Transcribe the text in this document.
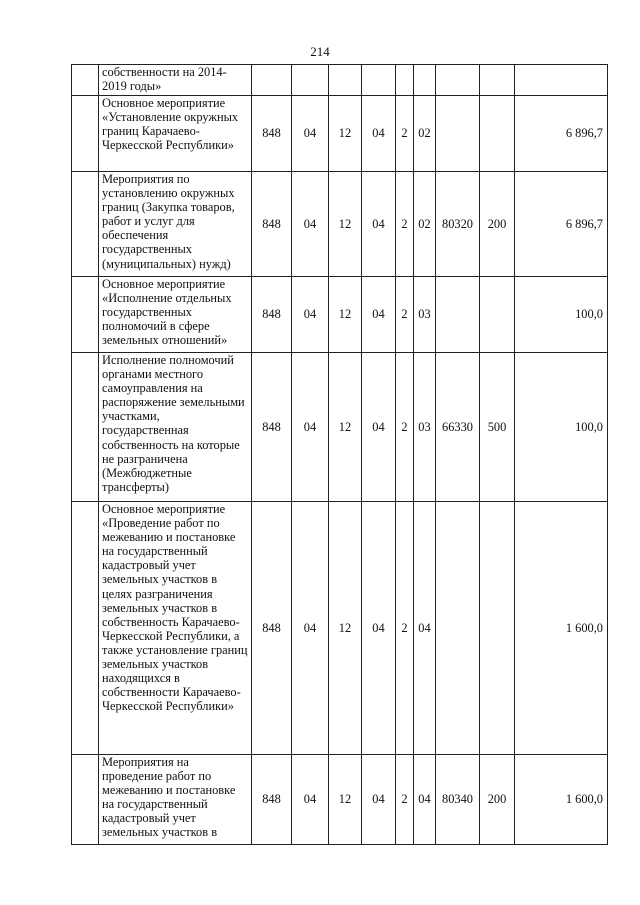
214
	собственности на 2014-2019 годы»									
	Основное мероприятие «Установление окружных границ Карачаево-Черкесской Республики»	848	04	12	04	2	02			6 896,7
	Мероприятия по установлению окружных границ (Закупка товаров, работ и услуг для обеспечения государственных (муниципальных) нужд)	848	04	12	04	2	02	80320	200	6 896,7
	Основное мероприятие «Исполнение отдельных государственных полномочий в сфере земельных отношений»	848	04	12	04	2	03			100,0
	Исполнение полномочий органами местного самоуправления на распоряжение земельными участками, государственная собственность на которые не разграничена (Межбюджетные трансферты)	848	04	12	04	2	03	66330	500	100,0
	Основное мероприятие «Проведение работ по межеванию и постановке на государственный кадастровый учет земельных участков в целях разграничения земельных участков в собственность Карачаево-Черкесской Республики, а также установление границ земельных участков находящихся в собственности Карачаево-Черкесской Республики»	848	04	12	04	2	04			1 600,0
	Мероприятия на проведение работ по межеванию и постановке на государственный кадастровый учет земельных участков в	848	04	12	04	2	04	80340	200	1 600,0
